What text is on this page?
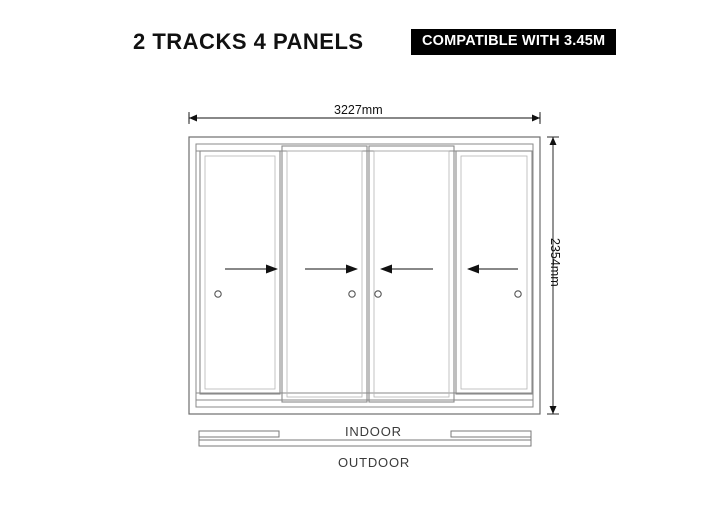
2 TRACKS 4 PANELS	COMPATIBLE WITH 3.45M
3227mm
2354mm
INDOOR
OUTDOOR
